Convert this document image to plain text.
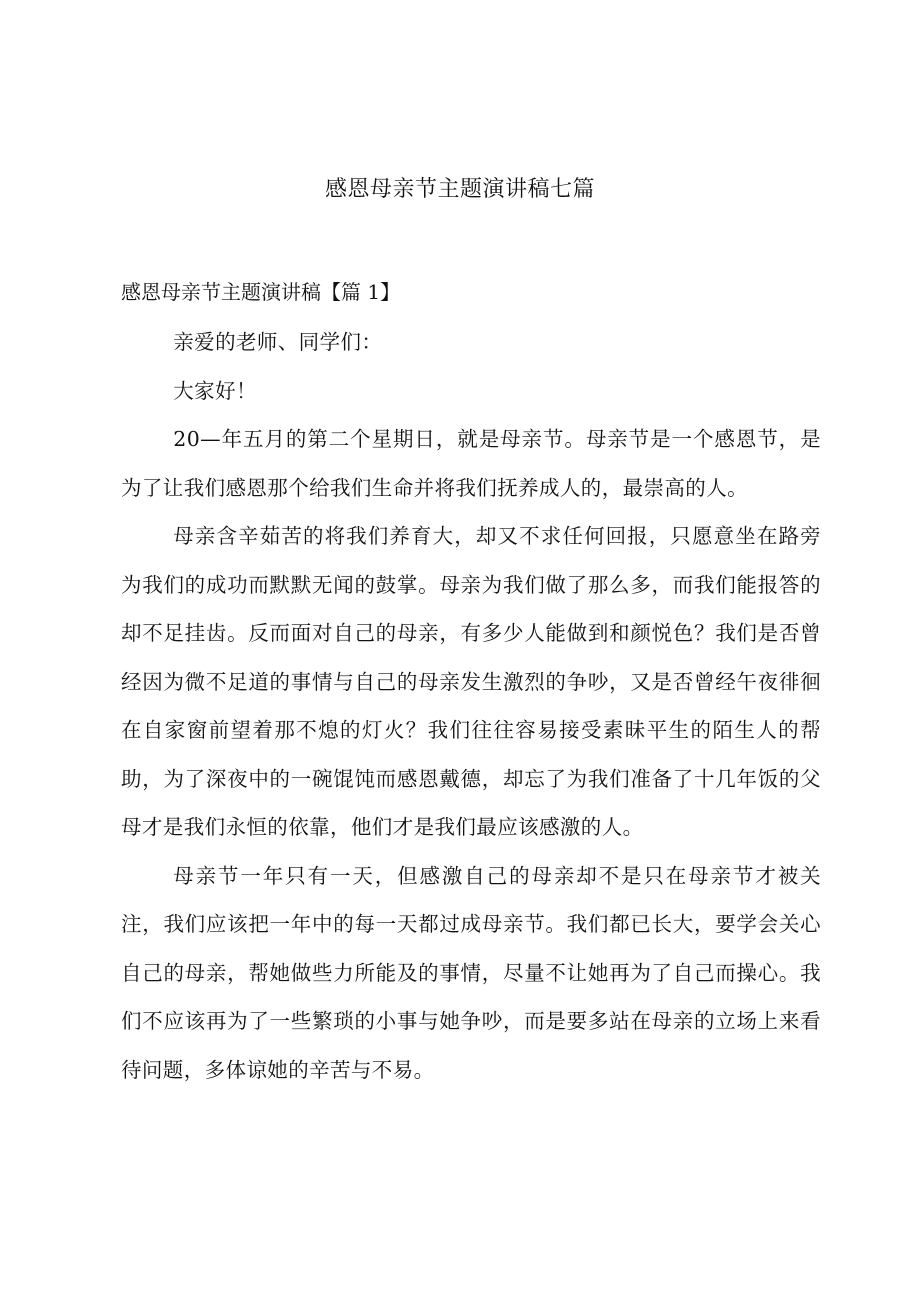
感恩母亲节主题演讲稿七篇
感恩母亲节主题演讲稿【篇 1】

亲爱的老师、同学们：

大家好！

20—年五月的第二个星期日，就是母亲节。母亲节是一个感恩节，是为了让我们感恩那个给我们生命并将我们抚养成人的，最崇高的人。

母亲含辛茹苦的将我们养育大，却又不求任何回报，只愿意坐在路旁为我们的成功而默默无闻的鼓掌。母亲为我们做了那么多，而我们能报答的却不足挂齿。反而面对自己的母亲，有多少人能做到和颜悦色？我们是否曾经因为微不足道的事情与自己的母亲发生激烈的争吵，又是否曾经午夜徘徊在自家窗前望着那不熄的灯火？我们往往容易接受素昧平生的陌生人的帮助，为了深夜中的一碗馄饨而感恩戴德，却忘了为我们准备了十几年饭的父母才是我们永恒的依靠，他们才是我们最应该感激的人。

母亲节一年只有一天，但感激自己的母亲却不是只在母亲节才被关注，我们应该把一年中的每一天都过成母亲节。我们都已长大，要学会关心自己的母亲，帮她做些力所能及的事情，尽量不让她再为了自己而操心。我们不应该再为了一些繁琐的小事与她争吵，而是要多站在母亲的立场上来看待问题，多体谅她的辛苦与不易。
